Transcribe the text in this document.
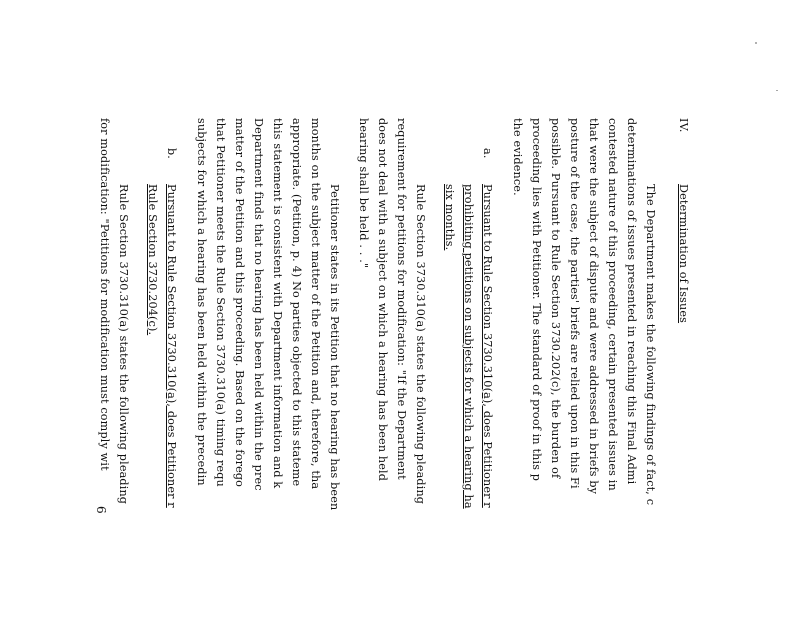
IV.
Determination of Issues
The Department makes the following findings of fact, c
determinations of issues presented in reaching this Final Admi
contested nature of this proceeding, certain presented issues in
that were the subject of dispute and were addressed in briefs by
posture of the case, the parties' briefs are relied upon in this Fi
possible. Pursuant to Rule Section 3730.202(c), the burden of
proceeding lies with Petitioner. The standard of proof in this p
the evidence.
a.
Pursuant to Rule Section 3730.310(a), does Petitioner r
prohibiting petitions on subjects for which a hearing ha
six months.
Rule Section 3730.310(a) states the following pleading
requirement for petitions for modification: "If the Department
does not deal with a subject on which a hearing has been held
hearing shall be held . . ."
Petitioner states in its Petition that no hearing has been
months on the subject matter of the Petition and, therefore, tha
appropriate. (Petition, p. 4) No parties objected to this stateme
this statement is consistent with Department information and k
Department finds that no hearing has been held within the prec
matter of the Petition and this proceeding. Based on the forego
that Petitioner meets the Rule Section 3730.310(a) timing requ
subjects for which a hearing has been held within the precedin
b.
Pursuant to Rule Section 3730.310(a), does Petitioner r
Rule Section 3730.204(c).
Rule Section 3730.310(a) states the following pleading
for modification: "Petitions for modification must comply wit
6
